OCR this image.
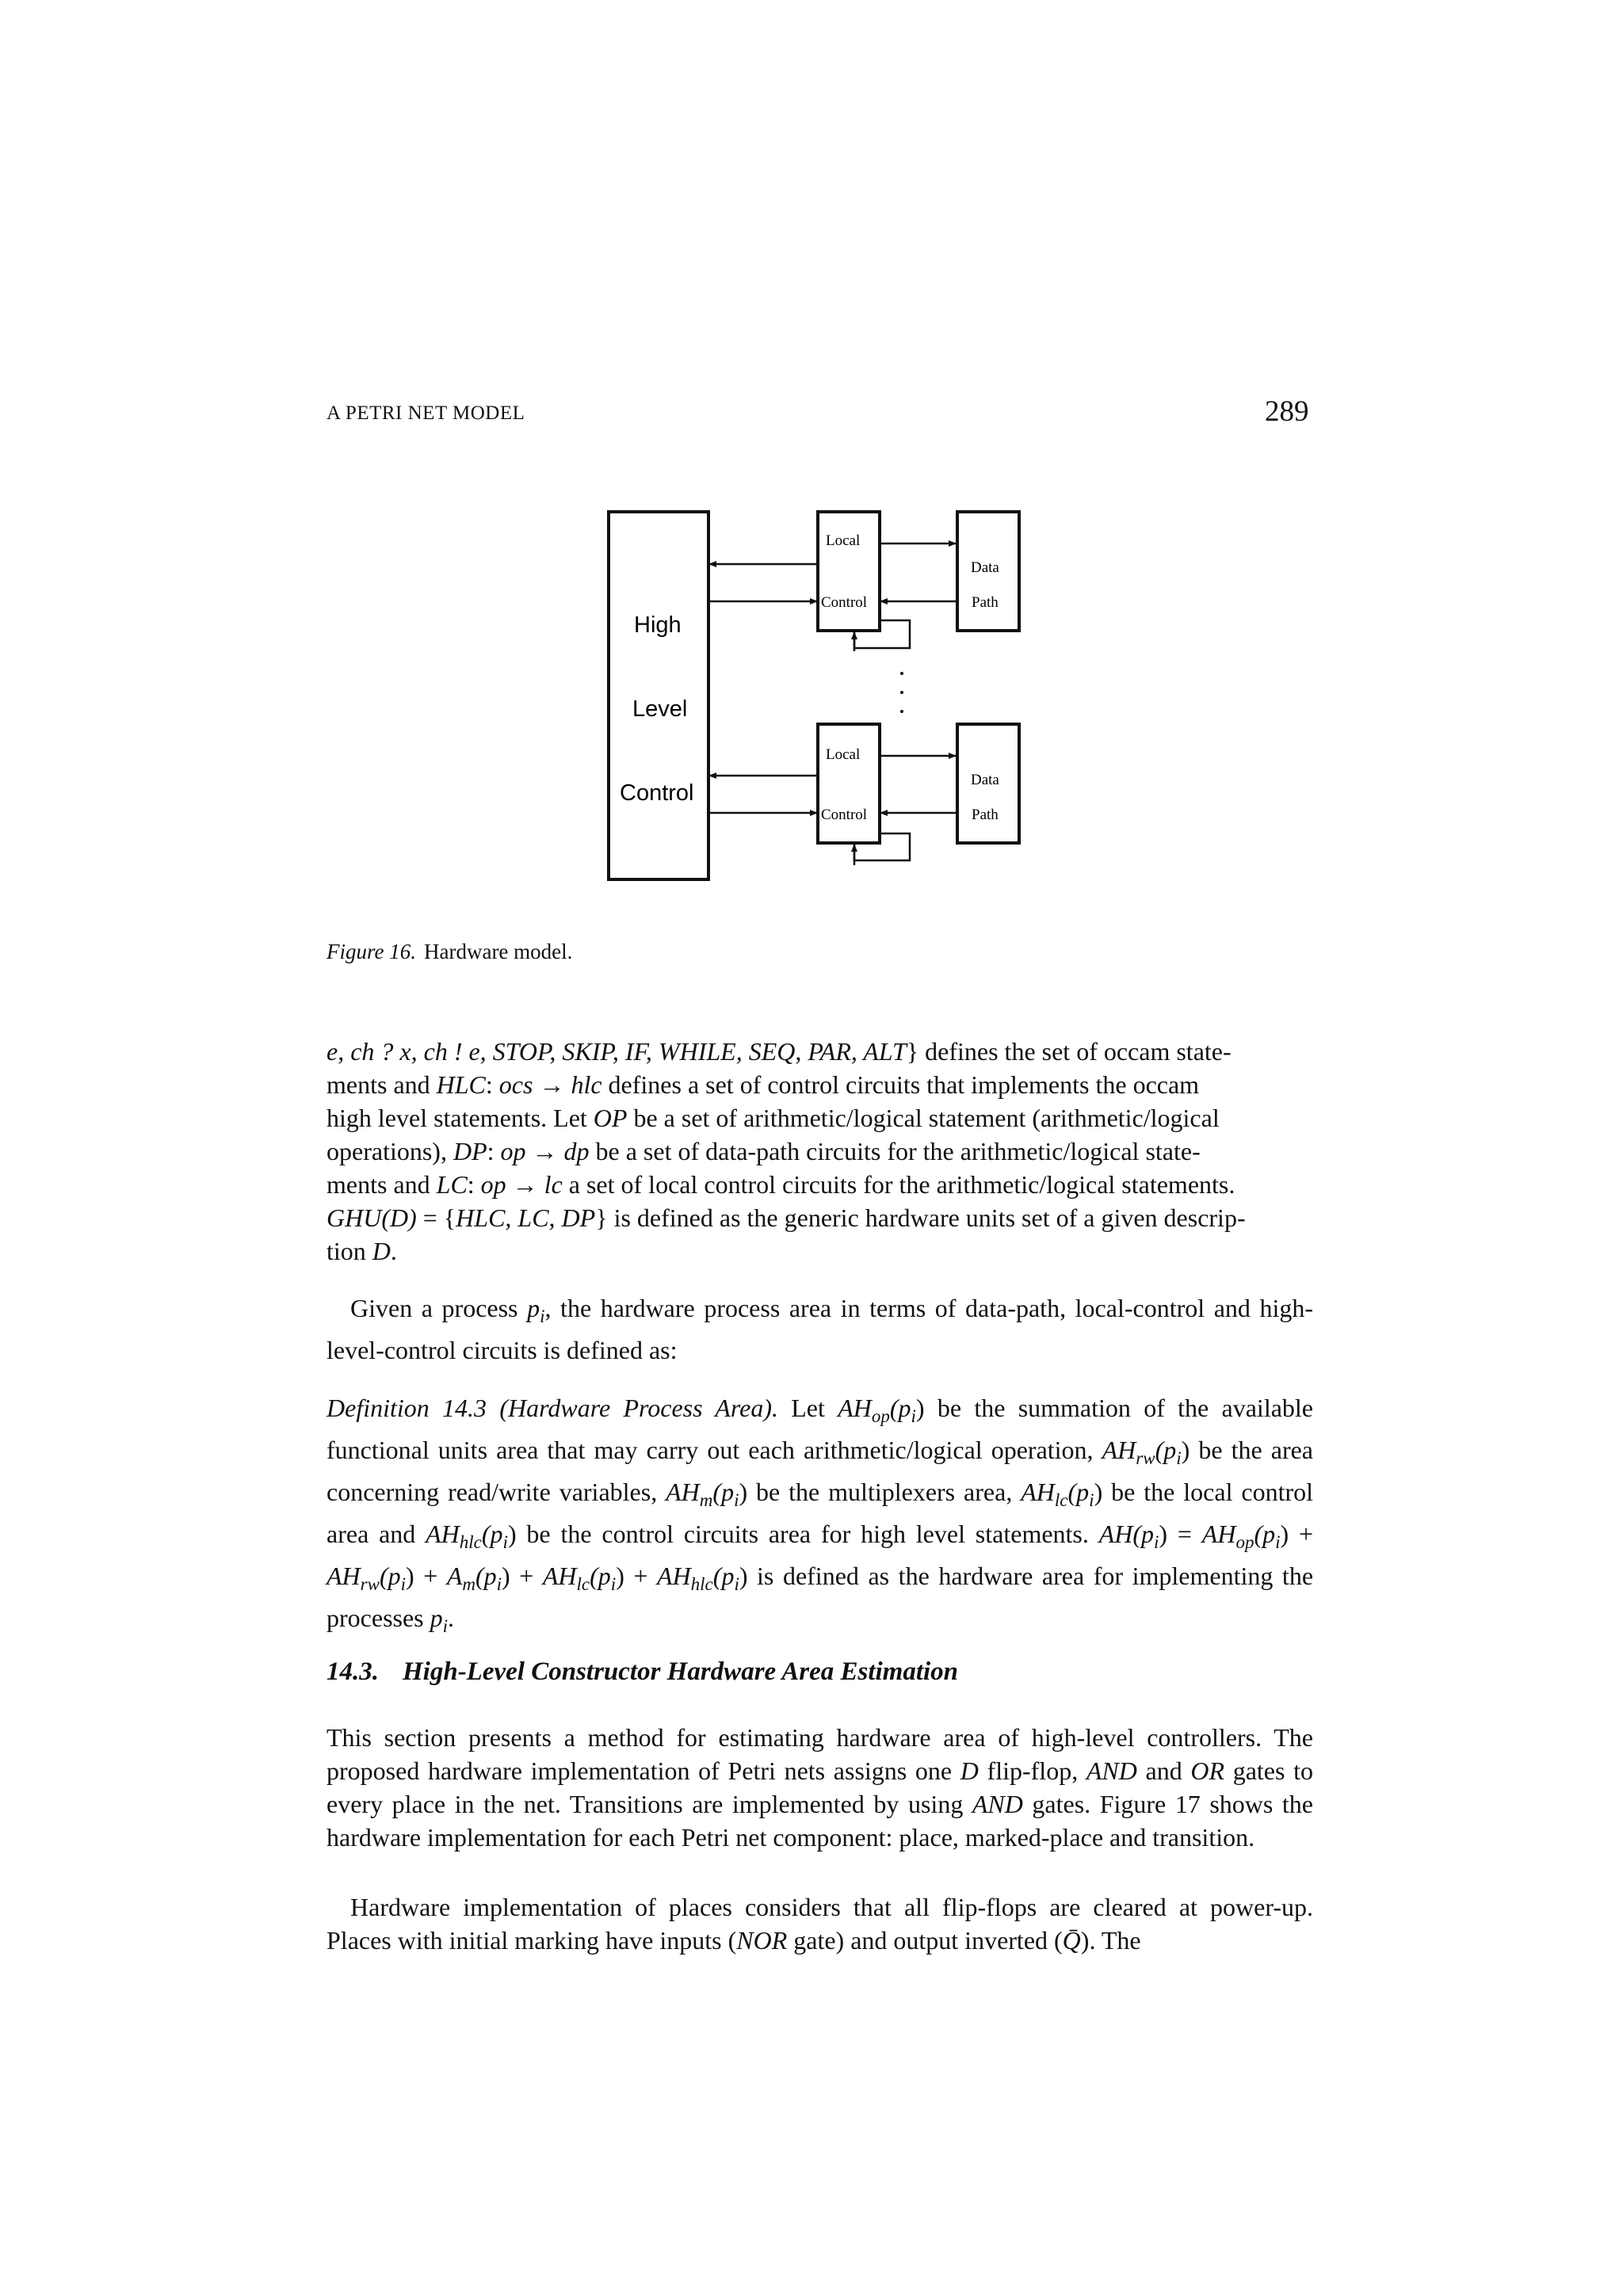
A PETRI NET MODEL	289
High
Level
Control
Local
Control
Data
Path
Local
Control
Data
Path
Figure 16. Hardware model.
e, ch ? x, ch ! e, STOP, SKIP, IF, WHILE, SEQ, PAR, ALT} defines the set of occam state-
ments and HLC: ocs → hlc defines a set of control circuits that implements the occam
high level statements. Let OP be a set of arithmetic/logical statement (arithmetic/logical
operations), DP: op → dp be a set of data-path circuits for the arithmetic/logical state-
ments and LC: op → lc a set of local control circuits for the arithmetic/logical statements.
GHU(D) = {HLC, LC, DP} is defined as the generic hardware units set of a given descrip-
tion D.

Given a process $p_i$, the hardware process area in terms of data-path, local-control and high-level-control circuits is defined as:

Definition 14.3 (Hardware Process Area). Let $AH_{op}(p_i)$ be the summation of the available functional units area that may carry out each arithmetic/logical operation, $AH_{rw}(p_i)$ be the area concerning read/write variables, $AH_m(p_i)$ be the multiplexers area, $AH_{lc}(p_i)$ be the local control area and $AH_{hlc}(p_i)$ be the control circuits area for high level statements. $AH(p_i) = AH_{op}(p_i) + AH_{rw}(p_i) + A_m(p_i) + AH_{lc}(p_i) + AH_{hlc}(p_i)$ is defined as the hardware area for implementing the processes $p_i$.

14.3. High-Level Constructor Hardware Area Estimation

This section presents a method for estimating hardware area of high-level controllers. The proposed hardware implementation of Petri nets assigns one D flip-flop, AND and OR gates to every place in the net. Transitions are implemented by using AND gates. Figure 17 shows the hardware implementation for each Petri net component: place, marked-place and transition.

Hardware implementation of places considers that all flip-flops are cleared at power-up. Places with initial marking have inputs (NOR gate) and output inverted (Q̄). The
